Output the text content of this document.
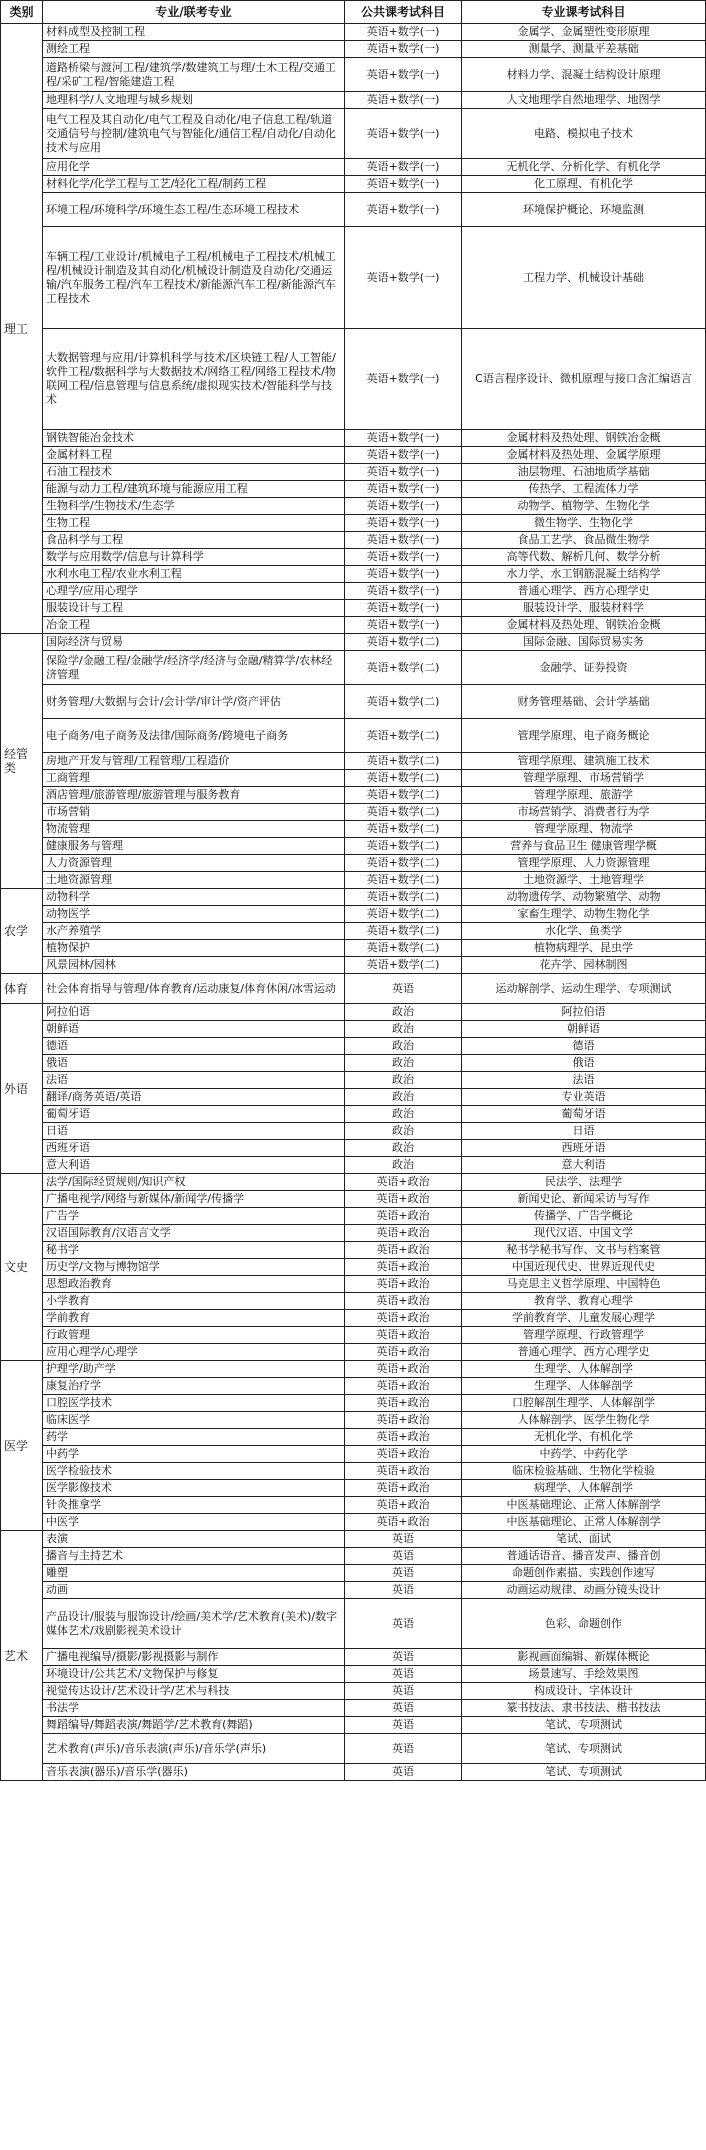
类别	专业/联考专业	公共课考试科目	专业课考试科目
理工	材料成型及控制工程	英语+数学(一)	金属学、金属塑性变形原理
	测绘工程	英语+数学(一)	测量学、测量平差基础
	道路桥梁与渡河工程/建筑学/数建筑工与理/土木工程/交通工程/采矿工程/智能建造工程	英语+数学(一)	材料力学、混凝土结构设计原理
	地理科学/人文地理与城乡规划	英语+数学(一)	人文地理学自然地理学、地图学
	电气工程及其自动化/电气工程及自动化/电子信息工程/轨道交通信号与控制/建筑电气与智能化/通信工程/自动化/自动化技术与应用	英语+数学(一)	电路、模拟电子技术
	应用化学	英语+数学(一)	无机化学、分析化学、有机化学
	材料化学/化学工程与工艺/轻化工程/制药工程	英语+数学(一)	化工原理、有机化学
	环境工程/环境科学/环境生态工程/生态环境工程技术	英语+数学(一)	环境保护概论、环境监测
	车辆工程/工业设计/机械电子工程/机械电子工程技术/机械工程/机械设计制造及其自动化/机械设计制造及自动化/交通运输/汽车服务工程/汽车工程技术/新能源汽车工程/新能源汽车工程技术	英语+数学(一)	工程力学、机械设计基础
	大数据管理与应用/计算机科学与技术/区块链工程/人工智能/软件工程/数据科学与大数据技术/网络工程/网络工程技术/物联网工程/信息管理与信息系统/虚拟现实技术/智能科学与技术	英语+数学(一)	C语言程序设计、微机原理与接口含汇编语言
	钢铁智能冶金技术	英语+数学(一)	金属材料及热处理、钢铁冶金概
	金属材料工程	英语+数学(一)	金属材料及热处理、金属学原理
	石油工程技术	英语+数学(一)	油层物理、石油地质学基础
	能源与动力工程/建筑环境与能源应用工程	英语+数学(一)	传热学、工程流体力学
	生物科学/生物技术/生态学	英语+数学(一)	动物学、植物学、生物化学
	生物工程	英语+数学(一)	微生物学、生物化学
	食品科学与工程	英语+数学(一)	食品工艺学、食品微生物学
	数学与应用数学/信息与计算科学	英语+数学(一)	高等代数、解析几何、数学分析
	水利水电工程/农业水利工程	英语+数学(一)	水力学、水工钢筋混凝土结构学
	心理学/应用心理学	英语+数学(一)	普通心理学、西方心理学史
	服装设计与工程	英语+数学(一)	服装设计学、服装材料学
	冶金工程	英语+数学(一)	金属材料及热处理、钢铁冶金概
经管类	国际经济与贸易	英语+数学(二)	国际金融、国际贸易实务
	保险学/金融工程/金融学/经济学/经济与金融/精算学/农林经济管理	英语+数学(二)	金融学、证券投资
	财务管理/大数据与会计/会计学/审计学/资产评估	英语+数学(二)	财务管理基础、会计学基础
	电子商务/电子商务及法律/国际商务/跨境电子商务	英语+数学(二)	管理学原理、电子商务概论
	房地产开发与管理/工程管理/工程造价	英语+数学(二)	管理学原理、建筑施工技术
	工商管理	英语+数学(二)	管理学原理、市场营销学
	酒店管理/旅游管理/旅游管理与服务教育	英语+数学(二)	管理学原理、旅游学
	市场营销	英语+数学(二)	市场营销学、消费者行为学
	物流管理	英语+数学(二)	管理学原理、物流学
	健康服务与管理	英语+数学(二)	营养与食品卫生 健康管理学概
	人力资源管理	英语+数学(二)	管理学原理、人力资源管理
	土地资源管理	英语+数学(二)	土地资源学、土地管理学
农学	动物科学	英语+数学(二)	动物遗传学、动物繁殖学、动物
	动物医学	英语+数学(二)	家畜生理学、动物生物化学
	水产养殖学	英语+数学(二)	水化学、鱼类学
	植物保护	英语+数学(二)	植物病理学、昆虫学
	风景园林/园林	英语+数学(二)	花卉学、园林制图
体育	社会体育指导与管理/体育教育/运动康复/体育休闲/冰雪运动	英语	运动解剖学、运动生理学、专项测试
外语	阿拉伯语	政治	阿拉伯语
	朝鲜语	政治	朝鲜语
	德语	政治	德语
	俄语	政治	俄语
	法语	政治	法语
	翻译/商务英语/英语	政治	专业英语
	葡萄牙语	政治	葡萄牙语
	日语	政治	日语
	西班牙语	政治	西班牙语
	意大利语	政治	意大利语
文史	法学/国际经贸规则/知识产权	英语+政治	民法学、法理学
	广播电视学/网络与新媒体/新闻学/传播学	英语+政治	新闻史论、新闻采访与写作
	广告学	英语+政治	传播学、广告学概论
	汉语国际教育/汉语言文学	英语+政治	现代汉语、中国文学
	秘书学	英语+政治	秘书学秘书写作、文书与档案管
	历史学/文物与博物馆学	英语+政治	中国近现代史、世界近现代史
	思想政治教育	英语+政治	马克思主义哲学原理、中国特色
	小学教育	英语+政治	教育学、教育心理学
	学前教育	英语+政治	学前教育学、儿童发展心理学
	行政管理	英语+政治	管理学原理、行政管理学
	应用心理学/心理学	英语+政治	普通心理学、西方心理学史
医学	护理学/助产学	英语+政治	生理学、人体解剖学
	康复治疗学	英语+政治	生理学、人体解剖学
	口腔医学技术	英语+政治	口腔解剖生理学、人体解剖学
	临床医学	英语+政治	人体解剖学、医学生物化学
	药学	英语+政治	无机化学、有机化学
	中药学	英语+政治	中药学、中药化学
	医学检验技术	英语+政治	临床检验基础、生物化学检验
	医学影像技术	英语+政治	病理学、人体解剖学
	针灸推拿学	英语+政治	中医基础理论、正常人体解剖学
	中医学	英语+政治	中医基础理论、正常人体解剖学
艺术	表演	英语	笔试、面试
	播音与主持艺术	英语	普通话语音、播音发声、播音创
	雕塑	英语	命题创作素描、实践创作速写
	动画	英语	动画运动规律、动画分镜头设计
	产品设计/服装与服饰设计/绘画/美术学/艺术教育(美术)/数字媒体艺术/戏剧影视美术设计	英语	色彩、命题创作
	广播电视编导/摄影/影视摄影与制作	英语	影视画面编辑、新媒体概论
	环境设计/公共艺术/文物保护与修复	英语	场景速写、手绘效果图
	视觉传达设计/艺术设计学/艺术与科技	英语	构成设计、字体设计
	书法学	英语	篆书技法、隶书技法、楷书技法
	舞蹈编导/舞蹈表演/舞蹈学/艺术教育(舞蹈)	英语	笔试、专项测试
	艺术教育(声乐)/音乐表演(声乐)/音乐学(声乐)	英语	笔试、专项测试
	音乐表演(器乐)/音乐学(器乐)	英语	笔试、专项测试
